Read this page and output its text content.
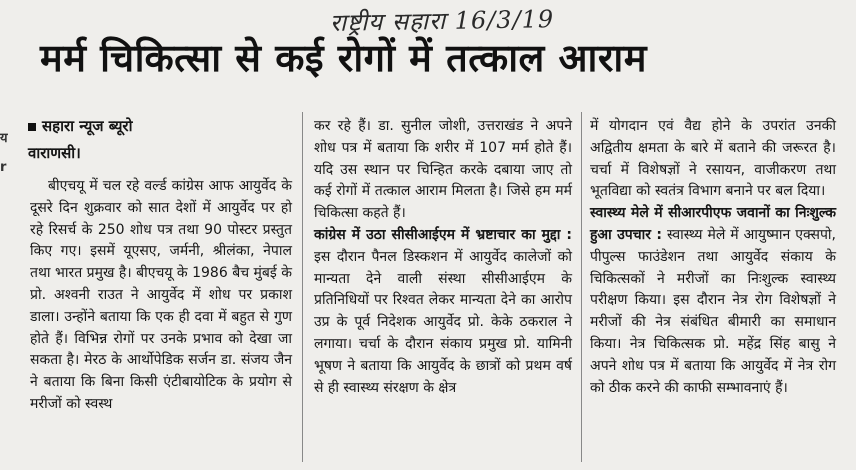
य
r
राष्ट्रीय सहारा 16/3/19
मर्म चिकित्सा से कई रोगों में तत्काल आराम
सहारा न्यूज ब्यूरो
वाराणसी।

बीएचयू में चल रहे वर्ल्ड कांग्रेस आफ आयुर्वेद के दूसरे दिन शुक्रवार को सात देशों में आयुर्वेद पर हो रहे रिसर्च के 250 शोध पत्र तथा 90 पोस्टर प्रस्तुत किए गए। इसमें यूएसए, जर्मनी, श्रीलंका, नेपाल तथा भारत प्रमुख है। बीएचयू के 1986 बैच मुंबई के प्रो. अश्वनी राउत ने आयुर्वेद में शोध पर प्रकाश डाला। उन्होंने बताया कि एक ही दवा में बहुत से गुण होते हैं। विभिन्न रोगों पर उनके प्रभाव को देखा जा सकता है। मेरठ के आर्थोपेडिक सर्जन डा. संजय जैन ने बताया कि बिना किसी एंटीबायोटिक के प्रयोग से मरीजों को स्वस्थ

कर रहे हैं। डा. सुनील जोशी, उत्तराखंड ने अपने शोध पत्र में बताया कि शरीर में 107 मर्म होते हैं। यदि उस स्थान पर चिन्हित करके दबाया जाए तो कई रोगों में तत्काल आराम मिलता है। जिसे हम मर्म चिकित्सा कहते हैं।

कांग्रेस में उठा सीसीआईएम में भ्रष्टाचार का मुद्दा : इस दौरान पैनल डिस्कशन में आयुर्वेद कालेजों को मान्यता देने वाली संस्था सीसीआईएम के प्रतिनिधियों पर रिश्वत लेकर मान्यता देने का आरोप उप्र के पूर्व निदेशक आयुर्वेद प्रो. केके ठकराल ने लगाया। चर्चा के दौरान संकाय प्रमुख प्रो. यामिनी भूषण ने बताया कि आयुर्वेद के छात्रों को प्रथम वर्ष से ही स्वास्थ्य संरक्षण के क्षेत्र

में योगदान एवं वैद्य होने के उपरांत उनकी अद्वितीय क्षमता के बारे में बताने की जरूरत है। चर्चा में विशेषज्ञों ने रसायन, वाजीकरण तथा भूतविद्या को स्वतंत्र विभाग बनाने पर बल दिया।

स्वास्थ्य मेले में सीआरपीएफ जवानों का निःशुल्क हुआ उपचार : स्वास्थ्य मेले में आयुष्मान एक्सपो, पीपुल्स फाउंडेशन तथा आयुर्वेद संकाय के चिकित्सकों ने मरीजों का निःशुल्क स्वास्थ्य परीक्षण किया। इस दौरान नेत्र रोग विशेषज्ञों ने मरीजों की नेत्र संबंधित बीमारी का समाधान किया। नेत्र चिकित्सक प्रो. महेंद्र सिंह बासु ने अपने शोध पत्र में बताया कि आयुर्वेद में नेत्र रोग को ठीक करने की काफी सम्भावनाएं हैं।
